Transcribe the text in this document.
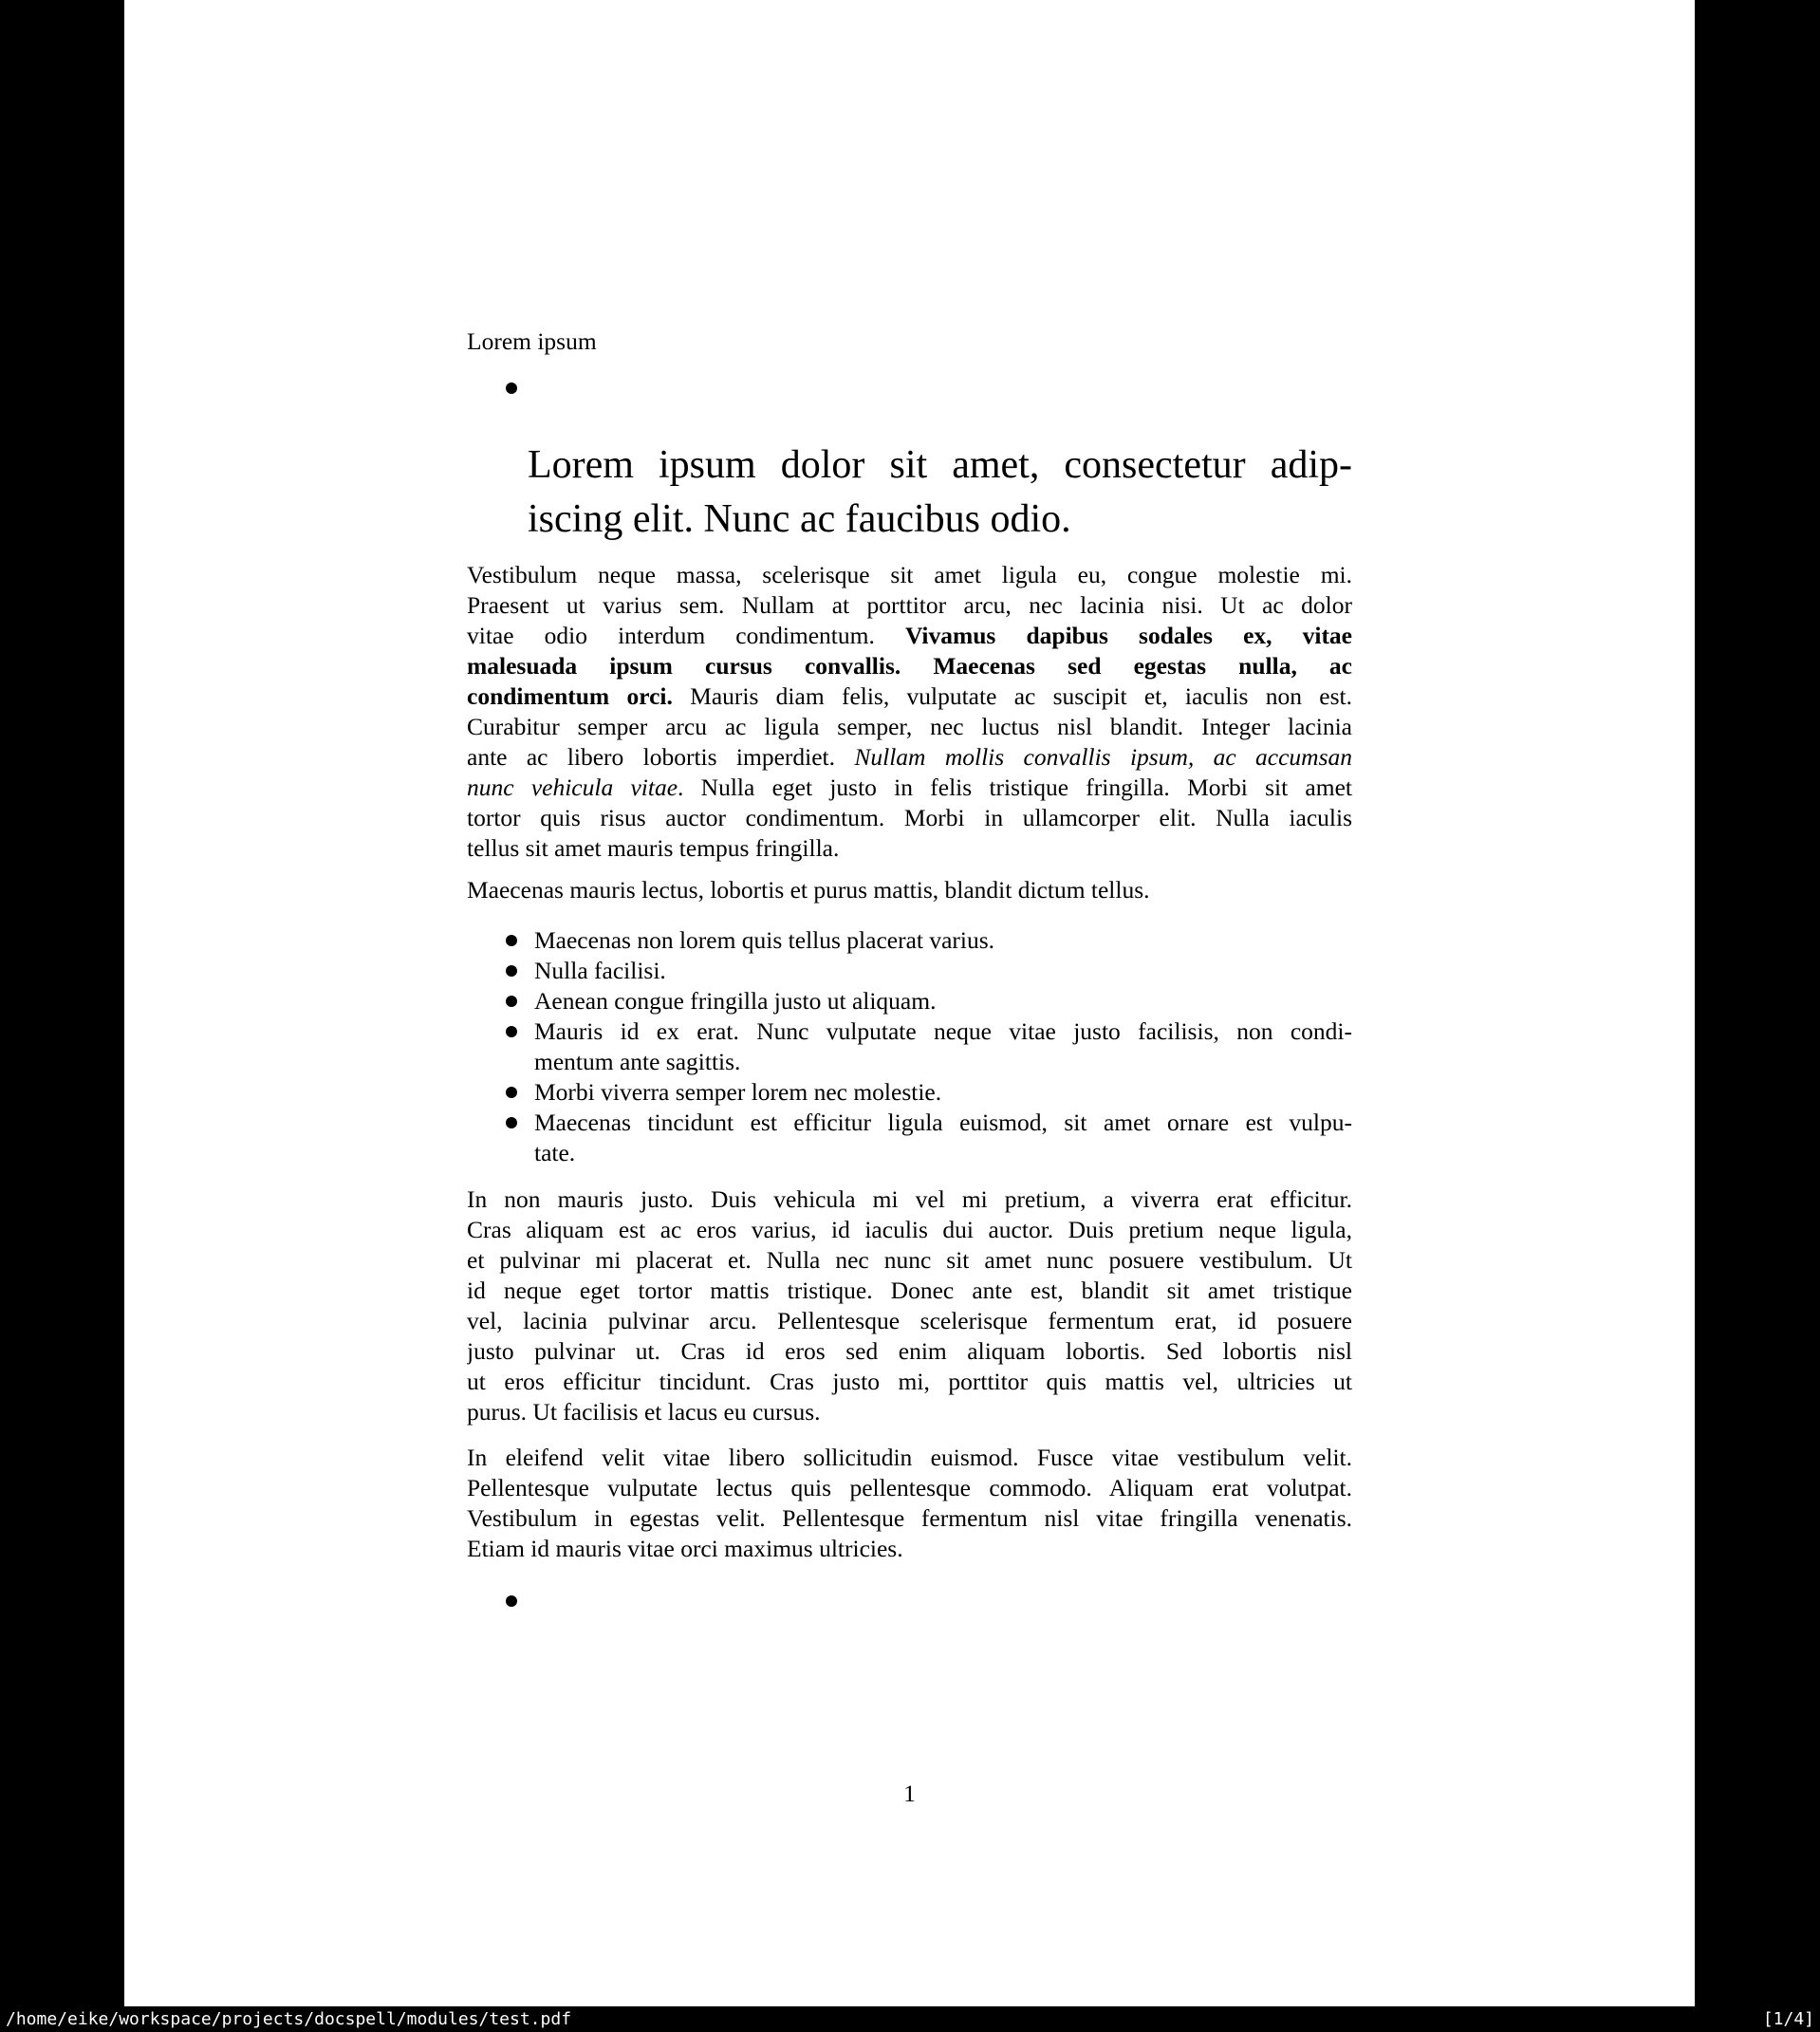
Lorem ipsum
Lorem ipsum dolor sit amet, consectetur adip-
iscing elit. Nunc ac faucibus odio.
Vestibulum neque massa, scelerisque sit amet ligula eu, congue molestie mi.
Praesent ut varius sem. Nullam at porttitor arcu, nec lacinia nisi. Ut ac dolor
vitae odio interdum condimentum. Vivamus dapibus sodales ex, vitae
malesuada ipsum cursus convallis. Maecenas sed egestas nulla, ac
condimentum orci. Mauris diam felis, vulputate ac suscipit et, iaculis non est.
Curabitur semper arcu ac ligula semper, nec luctus nisl blandit. Integer lacinia
ante ac libero lobortis imperdiet. Nullam mollis convallis ipsum, ac accumsan
nunc vehicula vitae. Nulla eget justo in felis tristique fringilla. Morbi sit amet
tortor quis risus auctor condimentum. Morbi in ullamcorper elit. Nulla iaculis
tellus sit amet mauris tempus fringilla.
Maecenas mauris lectus, lobortis et purus mattis, blandit dictum tellus.
Maecenas non lorem quis tellus placerat varius.
Nulla facilisi.
Aenean congue fringilla justo ut aliquam.
Mauris id ex erat. Nunc vulputate neque vitae justo facilisis, non condi-
mentum ante sagittis.
Morbi viverra semper lorem nec molestie.
Maecenas tincidunt est efficitur ligula euismod, sit amet ornare est vulpu-
tate.
In non mauris justo. Duis vehicula mi vel mi pretium, a viverra erat efficitur.
Cras aliquam est ac eros varius, id iaculis dui auctor. Duis pretium neque ligula,
et pulvinar mi placerat et. Nulla nec nunc sit amet nunc posuere vestibulum. Ut
id neque eget tortor mattis tristique. Donec ante est, blandit sit amet tristique
vel, lacinia pulvinar arcu. Pellentesque scelerisque fermentum erat, id posuere
justo pulvinar ut. Cras id eros sed enim aliquam lobortis. Sed lobortis nisl
ut eros efficitur tincidunt. Cras justo mi, porttitor quis mattis vel, ultricies ut
purus. Ut facilisis et lacus eu cursus.
In eleifend velit vitae libero sollicitudin euismod. Fusce vitae vestibulum velit.
Pellentesque vulputate lectus quis pellentesque commodo. Aliquam erat volutpat.
Vestibulum in egestas velit. Pellentesque fermentum nisl vitae fringilla venenatis.
Etiam id mauris vitae orci maximus ultricies.
1
/home/eike/workspace/projects/docspell/modules/test.pdf	[1/4]
